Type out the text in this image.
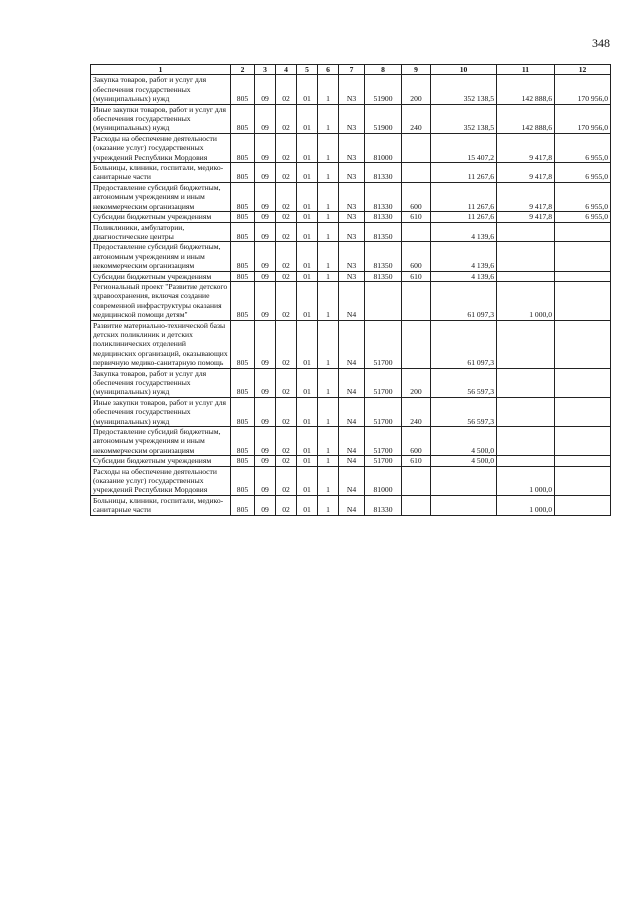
348
1	2	3	4	5	6	7	8	9	10	11	12
Закупка товаров, работ и услуг для обеспечения государственных (муниципальных) нужд	805	09	02	01	1	N3	51900	200	352 138,5	142 888,6	170 956,0
Иные закупки товаров, работ и услуг для обеспечения государственных (муниципальных) нужд	805	09	02	01	1	N3	51900	240	352 138,5	142 888,6	170 956,0
Расходы на обеспечение деятельности (оказание услуг) государственных учреждений Республики Мордовия	805	09	02	01	1	N3	81000		15 407,2	9 417,8	6 955,0
Больницы, клиники, госпитали, медико-санитарные части	805	09	02	01	1	N3	81330		11 267,6	9 417,8	6 955,0
Предоставление субсидий бюджетным, автономным учреждениям и иным некоммерческим организациям	805	09	02	01	1	N3	81330	600	11 267,6	9 417,8	6 955,0
Субсидии бюджетным учреждениям	805	09	02	01	1	N3	81330	610	11 267,6	9 417,8	6 955,0
Поликлиники, амбулатории, диагностические центры	805	09	02	01	1	N3	81350		4 139,6		
Предоставление субсидий бюджетным, автономным учреждениям и иным некоммерческим организациям	805	09	02	01	1	N3	81350	600	4 139,6		
Субсидии бюджетным учреждениям	805	09	02	01	1	N3	81350	610	4 139,6		
Региональный проект "Развитие детского здравоохранения, включая создание современной инфраструктуры оказания медицинской помощи детям"	805	09	02	01	1	N4			61 097,3	1 000,0	
Развитие материально-технической базы детских поликлиник и детских поликлинических отделений медицинских организаций, оказывающих первичную медико-санитарную помощь	805	09	02	01	1	N4	51700		61 097,3		
Закупка товаров, работ и услуг для обеспечения государственных (муниципальных) нужд	805	09	02	01	1	N4	51700	200	56 597,3		
Иные закупки товаров, работ и услуг для обеспечения государственных (муниципальных) нужд	805	09	02	01	1	N4	51700	240	56 597,3		
Предоставление субсидий бюджетным, автономным учреждениям и иным некоммерческим организациям	805	09	02	01	1	N4	51700	600	4 500,0		
Субсидии бюджетным учреждениям	805	09	02	01	1	N4	51700	610	4 500,0		
Расходы на обеспечение деятельности (оказание услуг) государственных учреждений Республики Мордовия	805	09	02	01	1	N4	81000			1 000,0	
Больницы, клиники, госпитали, медико-санитарные части	805	09	02	01	1	N4	81330			1 000,0	
